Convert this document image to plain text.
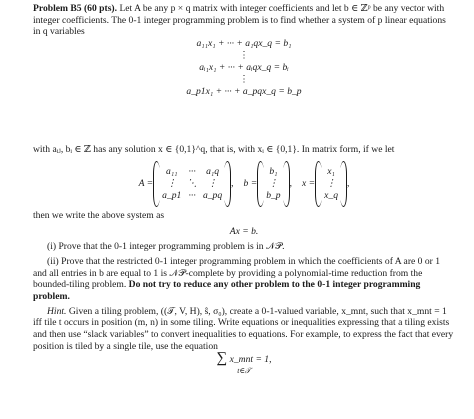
Problem B5 (60 pts). Let A be any p × q matrix with integer coefficients and let b ∈ ℤᵖ be any vector with integer coefficients. The 0-1 integer programming problem is to find whether a system of p linear equations in q variables

a₁₁x₁ + ··· + a₁qx_q = b₁
⋮
aᵢ₁x₁ + ··· + aᵢqx_q = bᵢ
⋮
a_p1x₁ + ··· + a_pqx_q = b_p

with aᵢⱼ, bᵢ ∈ ℤ has any solution x ∈ {0,1}^q, that is, with xᵢ ∈ {0,1}. In matrix form, if we let

A =
a₁₁	···	a₁q
⋮	⋱	⋮
a_p1 ··· a_pq
, b =
b₁
⋮
b_p
, x =
x₁
⋮
x_q
,

then we write the above system as

Ax = b.

(i) Prove that the 0-1 integer programming problem is in 𝒩𝒫.

(ii) Prove that the restricted 0-1 integer programming problem in which the coefficients of A are 0 or 1 and all entries in b are equal to 1 is 𝒩𝒫-complete by providing a polynomial-time reduction from the bounded-tiling problem. Do not try to reduce any other problem to the 0-1 integer programming problem.

Hint. Given a tiling problem, ((𝒯, V, H), ŝ, σ₀), create a 0-1-valued variable, x_mnt, such that x_mnt = 1 iff tile t occurs in position (m, n) in some tiling. Write equations or inequalities expressing that a tiling exists and then use “slack variables” to convert inequalities to equations. For example, to express the fact that every position is tiled by a single tile, use the equation

∑ x_mnt = 1,
t∈𝒯
